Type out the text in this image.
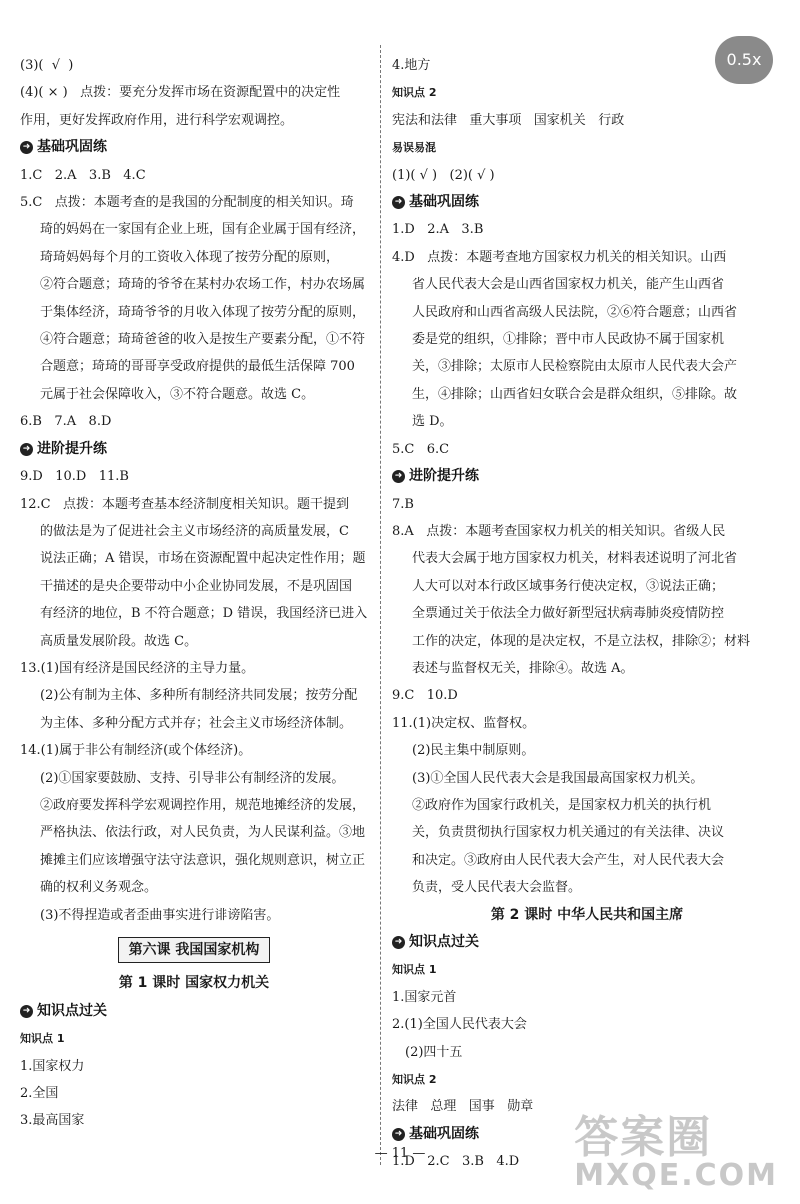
(3)(  √  )

(4)( × )   点拨：要充分发挥市场在资源配置中的决定性

作用，更好发挥政府作用，进行科学宏观调控。

➜ 基础巩固练

1.C   2.A   3.B   4.C

5.C   点拨：本题考查的是我国的分配制度的相关知识。琦

琦的妈妈在一家国有企业上班，国有企业属于国有经济，

琦琦妈妈每个月的工资收入体现了按劳分配的原则，

②符合题意；琦琦的爷爷在某村办农场工作，村办农场属

于集体经济，琦琦爷爷的月收入体现了按劳分配的原则，

④符合题意；琦琦爸爸的收入是按生产要素分配，①不符

合题意；琦琦的哥哥享受政府提供的最低生活保障 700

元属于社会保障收入，③不符合题意。故选 C。

6.B   7.A   8.D

➜ 进阶提升练

9.D   10.D   11.B

12.C   点拨：本题考查基本经济制度相关知识。题干提到

的做法是为了促进社会主义市场经济的高质量发展，C

说法正确；A 错误，市场在资源配置中起决定性作用；题

干描述的是央企要带动中小企业协同发展，不是巩固国

有经济的地位，B 不符合题意；D 错误，我国经济已进入

高质量发展阶段。故选 C。

13.(1)国有经济是国民经济的主导力量。

(2)公有制为主体、多种所有制经济共同发展；按劳分配

为主体、多种分配方式并存；社会主义市场经济体制。

14.(1)属于非公有制经济(或个体经济)。

(2)①国家要鼓励、支持、引导非公有制经济的发展。

②政府要发挥科学宏观调控作用，规范地摊经济的发展，

严格执法、依法行政，对人民负责，为人民谋利益。③地

摊摊主们应该增强守法守法意识，强化规则意识，树立正

确的权利义务观念。

(3)不得捏造或者歪曲事实进行诽谤陷害。

第六课 我国国家机构

第 1 课时 国家权力机关

➜ 知识点过关

知识点 1

1.国家权力

2.全国

3.最高国家

4.地方

知识点 2

宪法和法律   重大事项   国家机关   行政

易误易混

(1)( √ )   (2)( √ )

➜ 基础巩固练

1.D   2.A   3.B

4.D   点拨：本题考查地方国家权力机关的相关知识。山西

省人民代表大会是山西省国家权力机关，能产生山西省

人民政府和山西省高级人民法院，②⑥符合题意；山西省

委是党的组织，①排除；晋中市人民政协不属于国家机

关，③排除；太原市人民检察院由太原市人民代表大会产

生，④排除；山西省妇女联合会是群众组织，⑤排除。故

选 D。

5.C   6.C

➜ 进阶提升练

7.B

8.A   点拨：本题考查国家权力机关的相关知识。省级人民

代表大会属于地方国家权力机关，材料表述说明了河北省

人大可以对本行政区域事务行使决定权，③说法正确；

全票通过关于依法全力做好新型冠状病毒肺炎疫情防控

工作的决定，体现的是决定权，不是立法权，排除②；材料

表述与监督权无关，排除④。故选 A。

9.C   10.D

11.(1)决定权、监督权。

(2)民主集中制原则。

(3)①全国人民代表大会是我国最高国家权力机关。

②政府作为国家行政机关，是国家权力机关的执行机

关，负责贯彻执行国家权力机关通过的有关法律、决议

和决定。③政府由人民代表大会产生，对人民代表大会

负责，受人民代表大会监督。

第 2 课时 中华人民共和国主席

➜ 知识点过关

知识点 1

1.国家元首

2.(1)全国人民代表大会

(2)四十五

知识点 2

法律   总理   国事   勋章

➜ 基础巩固练

1.D   2.C   3.B   4.D

0.5x
— 11 —	答案圈
MXQE.COM
